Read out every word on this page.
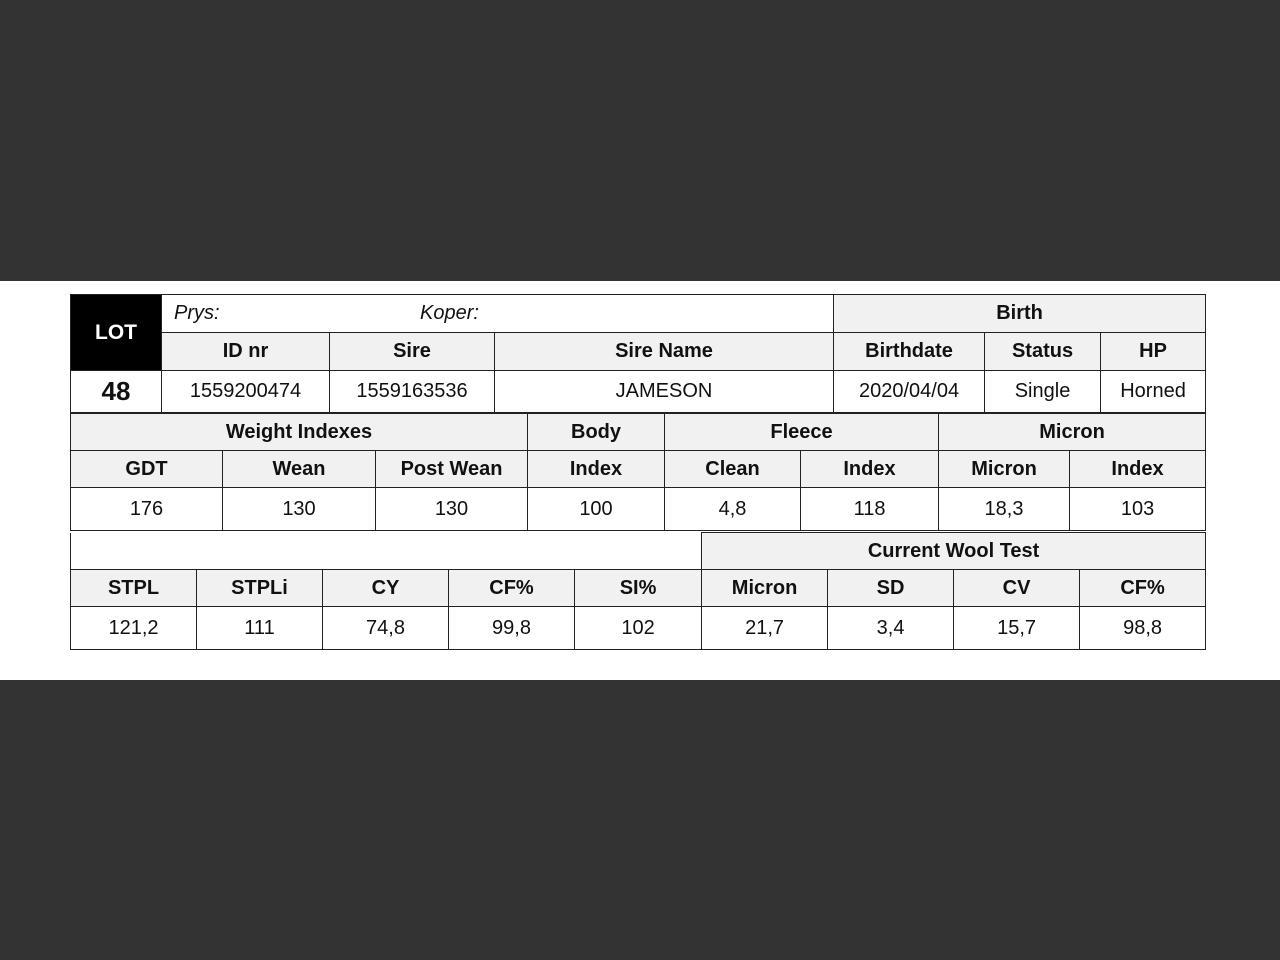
LOT	Prys: Koper:			Birth		
	ID nr	Sire	Sire Name	Birthdate	Status	HP
48	1559200474	1559163536	JAMESON	2020/04/04	Single	Horned
Weight Indexes			Body	Fleece		Micron	
GDT	Wean	Post Wean	Index	Clean	Index	Micron	Index
176	130	130	100	4,8	118	18,3	103
					Current Wool Test			
STPL	STPLi	CY	CF%	SI%	Micron	SD	CV	CF%
121,2	111	74,8	99,8	102	21,7	3,4	15,7	98,8
